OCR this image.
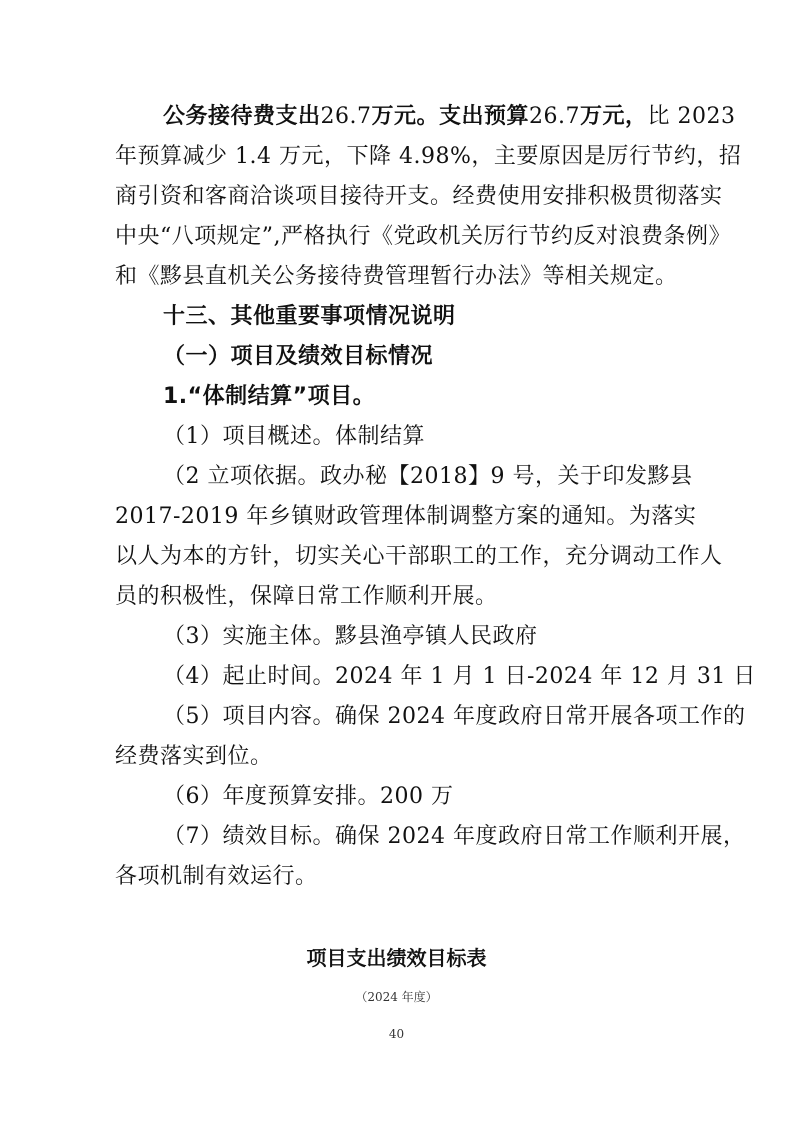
公务接待费支出26.7万元。支出预算26.7万元， 比 2023
年预算减少 1.4 万元，下降 4.98%，主要原因是厉行节约，招
商引资和客商洽谈项目接待开支。经费使用安排积极贯彻落实
中央“八项规定”,严格执行《党政机关厉行节约反对浪费条例》
和《黟县直机关公务接待费管理暂行办法》等相关规定。
十三、其他重要事项情况说明
（一）项目及绩效目标情况
1.“体制结算”项目。
（1）项目概述。体制结算
（2 立项依据。政办秘【2018】9 号，关于印发黟县
2017-2019 年乡镇财政管理体制调整方案的通知。为落实
以人为本的方针，切实关心干部职工的工作，充分调动工作人
员的积极性，保障日常工作顺利开展。
（3）实施主体。黟县渔亭镇人民政府
（4）起止时间。2024 年 1 月 1 日-2024 年 12 月 31 日
（5）项目内容。确保 2024 年度政府日常开展各项工作的
经费落实到位。
（6）年度预算安排。200 万
（7）绩效目标。确保 2024 年度政府日常工作顺利开展，
各项机制有效运行。
项目支出绩效目标表
（2024 年度）
40
